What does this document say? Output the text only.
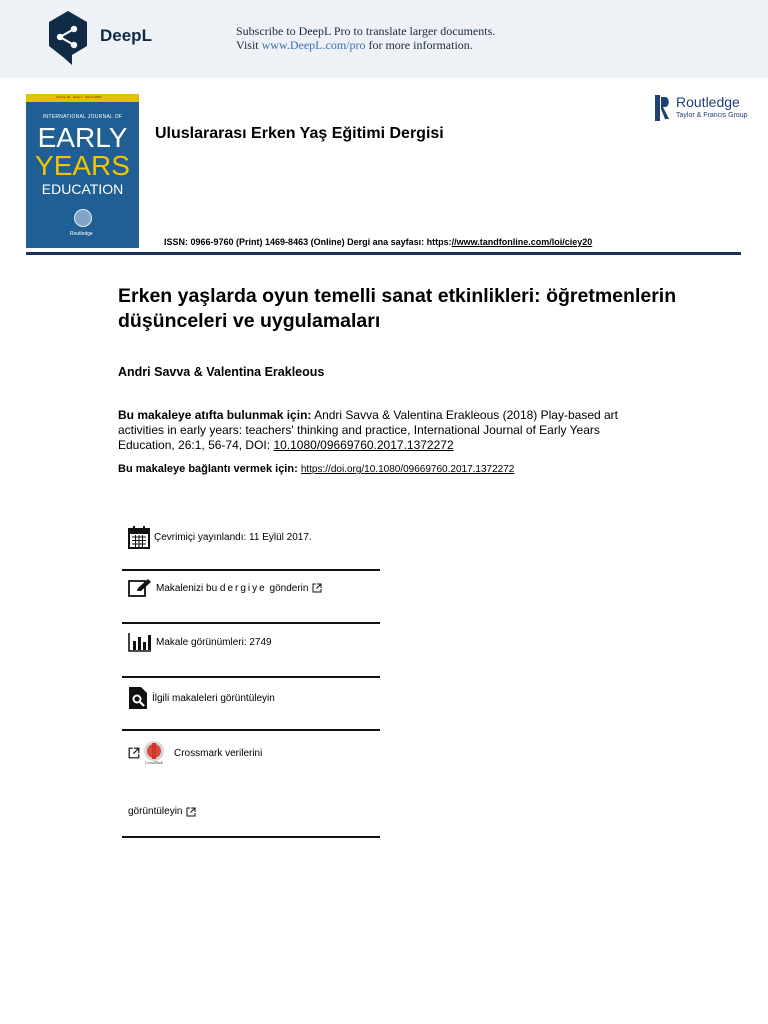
DeepL	Subscribe to DeepL Pro to translate larger documents.
Visit www.DeepL.com/pro for more information.
Volume 26 · Issue 1 · March 2018
INTERNATIONAL JOURNAL OF
EARLY
YEARS
EDUCATION
Routledge
Uluslararası Erken Yaş Eğitimi Dergisi
Routledge
Taylor & Francis Group
ISSN: 0966-9760 (Print) 1469-8463 (Online) Dergi ana sayfası: https://www.tandfonline.com/loi/ciey20
Erken yaşlarda oyun temelli sanat etkinlikleri: öğretmenlerin düşünceleri ve uygulamaları
Andri Savva & Valentina Erakleous
Bu makaleye atıfta bulunmak için: Andri Savva & Valentina Erakleous (2018) Play-based art activities in early years: teachers' thinking and practice, International Journal of Early Years Education, 26:1, 56-74, DOI: 10.1080/09669760.2017.1372272
Bu makaleye bağlantı vermek için: https://doi.org/10.1080/09669760.2017.1372272
Çevrimiçi yayınlandı: 11 Eylül 2017.
Makalenizi bu dergiye gönderin
Makale görünümleri: 2749
İlgili makaleleri görüntüleyin
Crossmark verilerini
CrossMark
görüntüleyin
